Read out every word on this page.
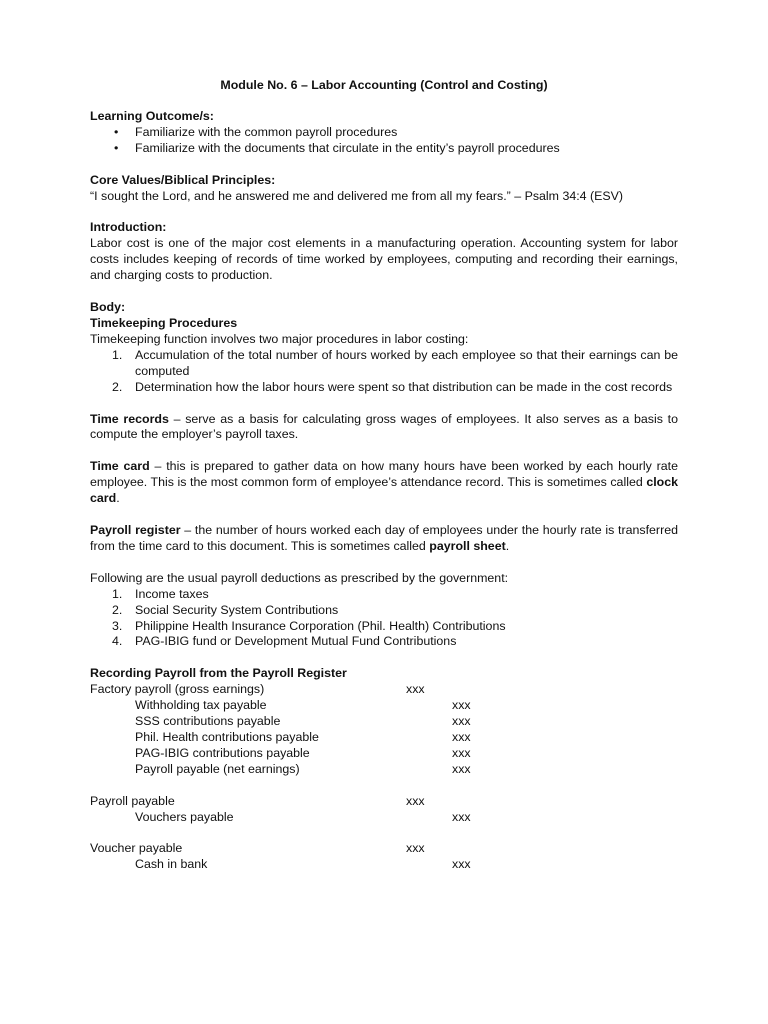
Module No. 6 – Labor Accounting (Control and Costing)
Learning Outcome/s:
• Familiarize with the common payroll procedures
• Familiarize with the documents that circulate in the entity’s payroll procedures
Core Values/Biblical Principles:
“I sought the Lord, and he answered me and delivered me from all my fears.” – Psalm 34:4 (ESV)
Introduction:
Labor cost is one of the major cost elements in a manufacturing operation. Accounting system for labor costs includes keeping of records of time worked by employees, computing and recording their earnings, and charging costs to production.
Body:
Timekeeping Procedures
Timekeeping function involves two major procedures in labor costing:
1. Accumulation of the total number of hours worked by each employee so that their earnings can be computed
2. Determination how the labor hours were spent so that distribution can be made in the cost records
Time records – serve as a basis for calculating gross wages of employees. It also serves as a basis to compute the employer’s payroll taxes.
Time card – this is prepared to gather data on how many hours have been worked by each hourly rate employee. This is the most common form of employee’s attendance record. This is sometimes called clock card.
Payroll register – the number of hours worked each day of employees under the hourly rate is transferred from the time card to this document. This is sometimes called payroll sheet.
Following are the usual payroll deductions as prescribed by the government:
1. Income taxes
2. Social Security System Contributions
3. Philippine Health Insurance Corporation (Phil. Health) Contributions
4. PAG-IBIG fund or Development Mutual Fund Contributions
Recording Payroll from the Payroll Register
Factory payroll (gross earnings)	xxx
Withholding tax payable	xxx
SSS contributions payable	xxx
Phil. Health contributions payable	xxx
PAG-IBIG contributions payable	xxx
Payroll payable (net earnings)	xxx
Payroll payable	xxx
Vouchers payable	xxx
Voucher payable	xxx
Cash in bank	xxx
